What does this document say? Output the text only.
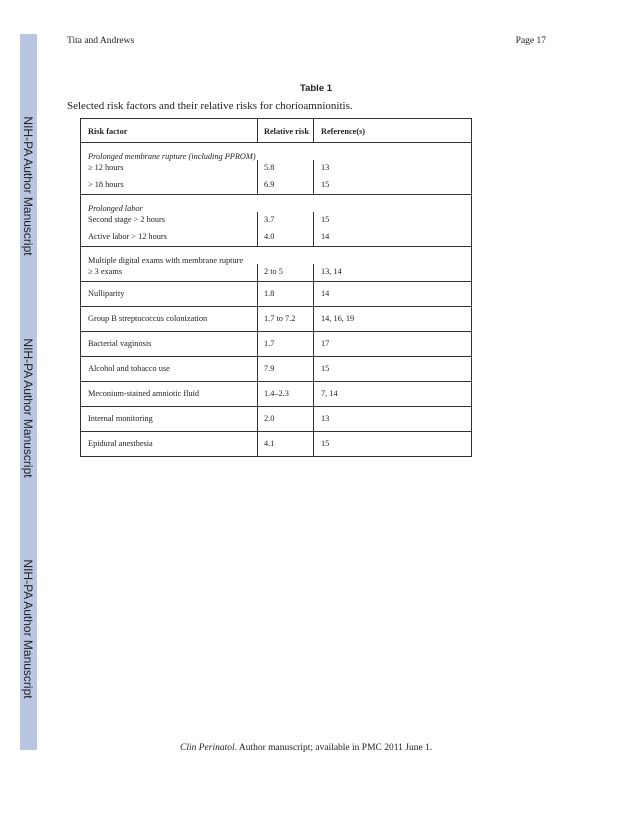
NIH-PA Author Manuscript
NIH-PA Author Manuscript
NIH-PA Author Manuscript
Tita and Andrews	Page 17
Table 1
Selected risk factors and their relative risks for chorioamnionitis.
Risk factor	Relative risk	Reference(s)
Prolonged membrane rupture (including PPROM)
≥ 12 hours	5.8	13
> 18 hours	6.9	15
Prolonged labor
Second stage > 2 hours	3.7	15
Active labor > 12 hours	4.0	14
Multiple digital exams with membrane rupture
≥ 3 exams	2 to 5	13, 14
Nulliparity	1.8	14
Group B streptococcus colonization	1.7 to 7.2	14, 16, 19
Bacterial vaginosis	1.7	17
Alcohol and tobacco use	7.9	15
Meconium-stained amniotic fluid	1.4–2.3	7, 14
Internal monitoring	2.0	13
Epidural anesthesia	4.1	15
Clin Perinatol. Author manuscript; available in PMC 2011 June 1.
